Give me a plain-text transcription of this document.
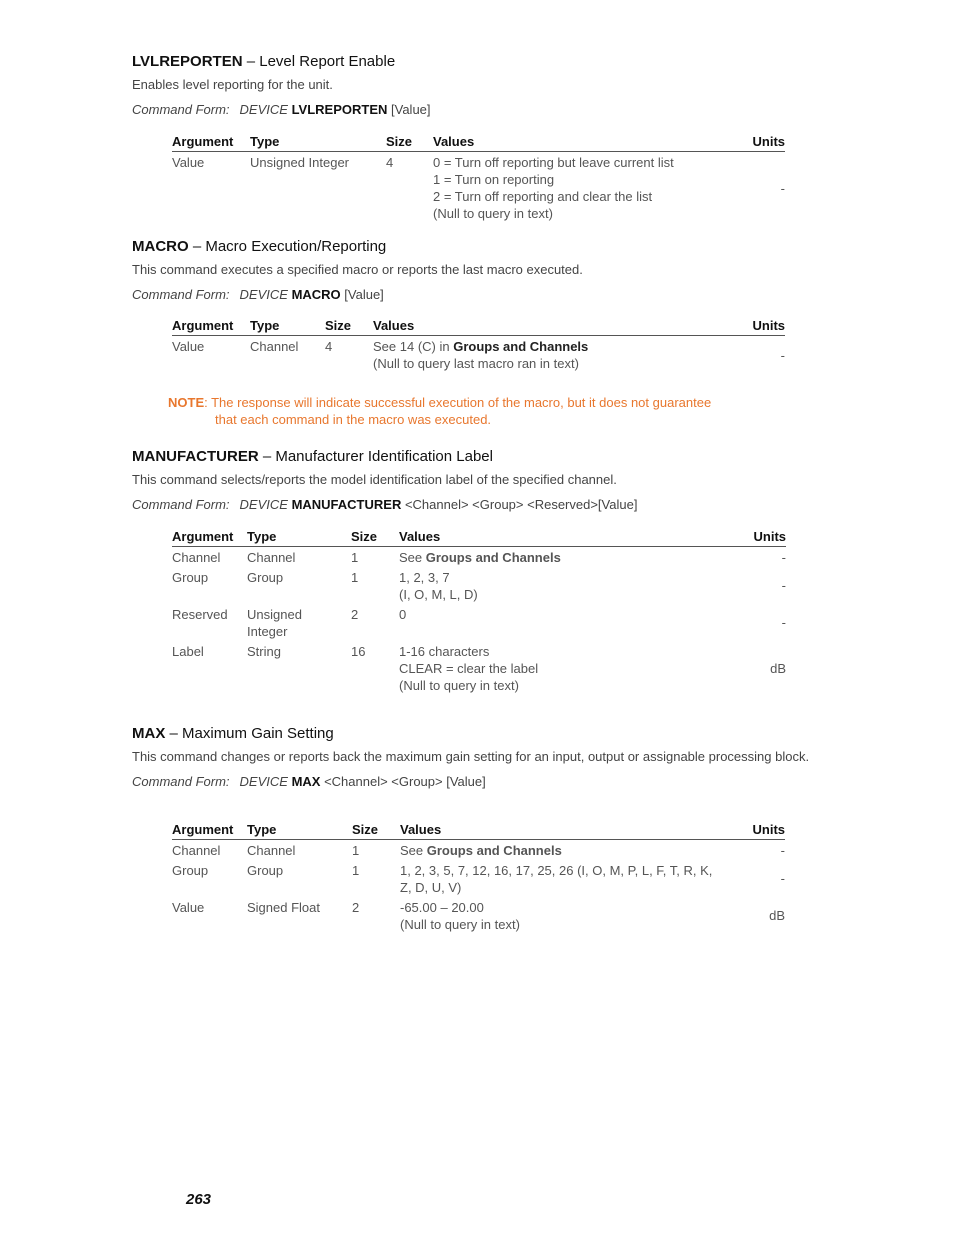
LVLREPORTEN – Level Report Enable

Enables level reporting for the unit.

Command Form: DEVICE LVLREPORTEN [Value]

Argument	Type	Size	Values	Units
Value	Unsigned Integer	4	0 = Turn off reporting but leave current list
1 = Turn on reporting
2 = Turn off reporting and clear the list
(Null to query in text)	-

MACRO – Macro Execution/Reporting

This command executes a specified macro or reports the last macro executed.

Command Form: DEVICE MACRO [Value]

Argument	Type	Size	Values	Units
Value	Channel	4	See 14 (C) in Groups and Channels
(Null to query last macro ran in text)	-
NOTE: The response will indicate successful execution of the macro, but it does not guarantee
that each command in the macro was executed.

MANUFACTURER – Manufacturer Identification Label

This command selects/reports the model identification label of the specified channel.

Command Form: DEVICE MANUFACTURER <Channel> <Group> <Reserved>[Value]

Argument	Type	Size	Values	Units
Channel	Channel	1	See Groups and Channels	-
Group	Group	1	1, 2, 3, 7
(I, O, M, L, D)	-
Reserved	Unsigned
Integer	2	0	-
Label	String	16	1-16 characters
CLEAR = clear the label
(Null to query in text)	dB

MAX – Maximum Gain Setting

This command changes or reports back the maximum gain setting for an input, output or assignable processing block.

Command Form: DEVICE MAX <Channel> <Group> [Value]

Argument	Type	Size	Values	Units
Channel	Channel	1	See Groups and Channels	-
Group	Group	1	1, 2, 3, 5, 7, 12, 16, 17, 25, 26 (I, O, M, P, L, F, T, R, K,
Z, D, U, V)	-
Value	Signed Float	2	-65.00 – 20.00
(Null to query in text)	dB
263
